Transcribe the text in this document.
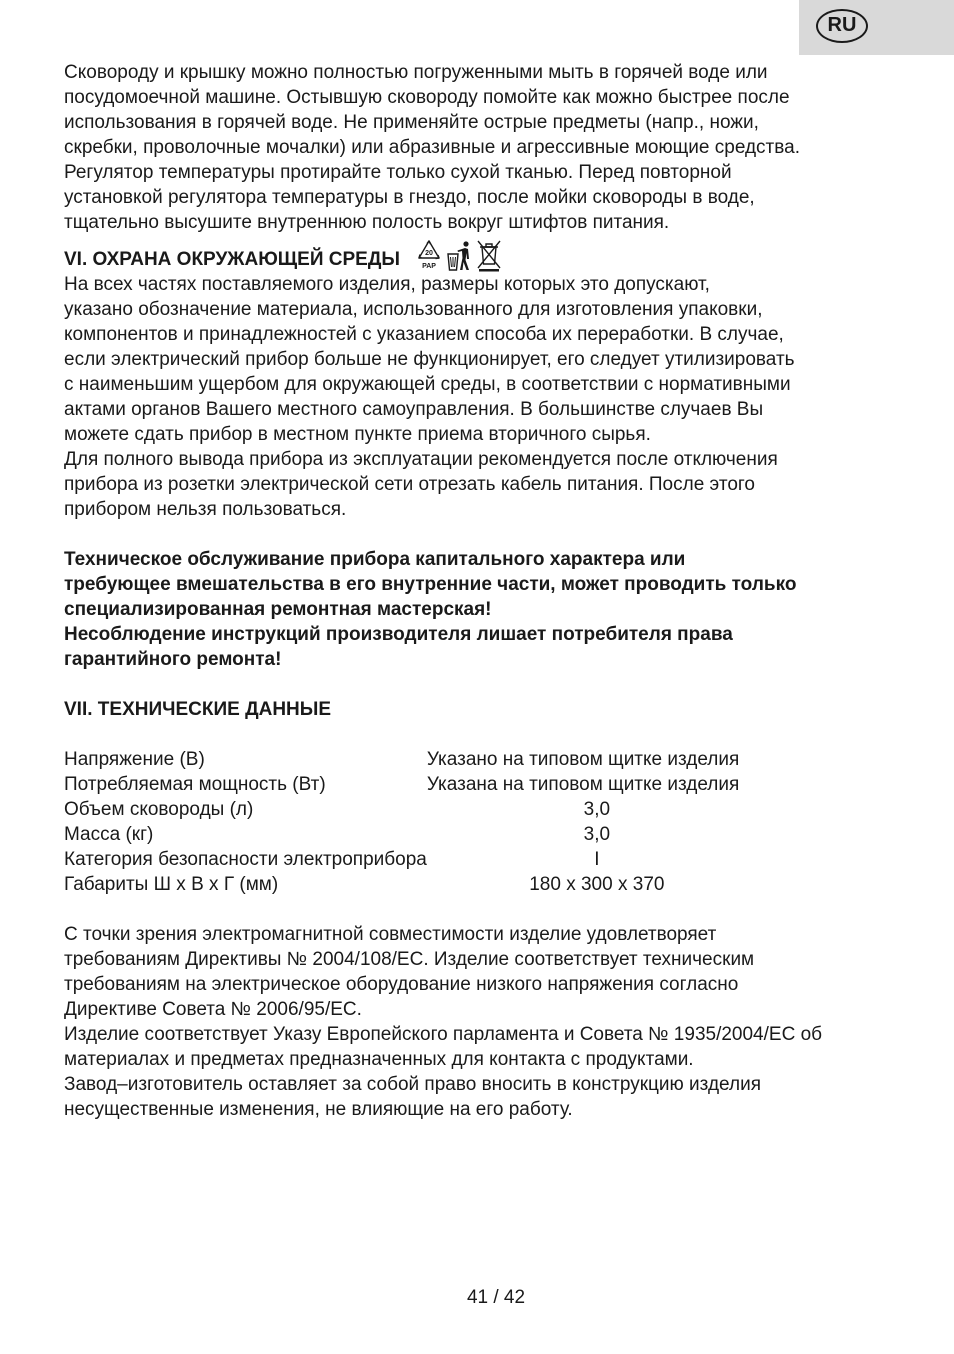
RU
Сковороду и крышку можно полностью погруженными мыть в горячей воде или
посудомоечной машине. Остывшую сковороду помойте как можно быстрее после
использования в горячей воде. Не применяйте острые предметы (напр., ножи,
скребки, проволочные мочалки) или абразивные и агрессивные моющие средства.
Регулятор температуры протирайте только сухой тканью. Перед повторной
установкой регулятора температуры в гнездо, после мойки сковороды в воде,
тщательно высушите внутреннюю полость вокруг штифтов питания.
VI. ОХРАНА ОКРУЖАЮЩЕЙ СРЕДЫ	20
PAP
На всех частях поставляемого изделия, размеры которых это допускают,
указано обозначение материала, использованного для изготовления упаковки,
компонентов и принадлежностей с указанием способа их переработки. В случае,
если электрический прибор больше не функционирует, его следует утилизировать
с наименьшим ущербом для окружающей среды, в соответствии с нормативными
актами органов Вашего местного самоуправления. В большинстве случаев Вы
можете сдать прибор в местном пункте приема вторичного сырья.
Для полного вывода прибора из эксплуатации рекомендуется после отключения
прибора из розетки электрической сети отрезать кабель питания. После этого
прибором нельзя пользоваться.
Техническое обслуживание прибора капитального характера или
требующее вмешательства в его внутренние части, может проводить только
специализированная ремонтная мастерская!
Несоблюдение инструкций производителя лишает потребителя права
гарантийного ремонта!
VII. ТЕХНИЧЕСКИЕ ДАННЫЕ
Напряжение (В)	Указано на типовом щитке изделия
Потребляемая мощность (Вт)	Указана на типовом щитке изделия
Объем сковороды (л)	3,0
Масса (кг)	3,0
Категория безопасности электроприбора	I
Габариты Ш х В х Г (мм)	180 х 300 х 370
С точки зрения электромагнитной совместимости изделие удовлетворяет
требованиям Директивы № 2004/108/ЕС. Изделие соответствует техническим
требованиям на электрическое оборудование низкого напряжения согласно
Директиве Совета № 2006/95/ЕС.
Изделие соответствует Указу Европейского парламента и Совета № 1935/2004/ЕС об
материалах и предметах предназначенных для контакта с продуктами.
Завод–изготовитель оставляет за собой право вносить в конструкцию изделия
несущественные изменения, не влияющие на его работу.
41 / 42
